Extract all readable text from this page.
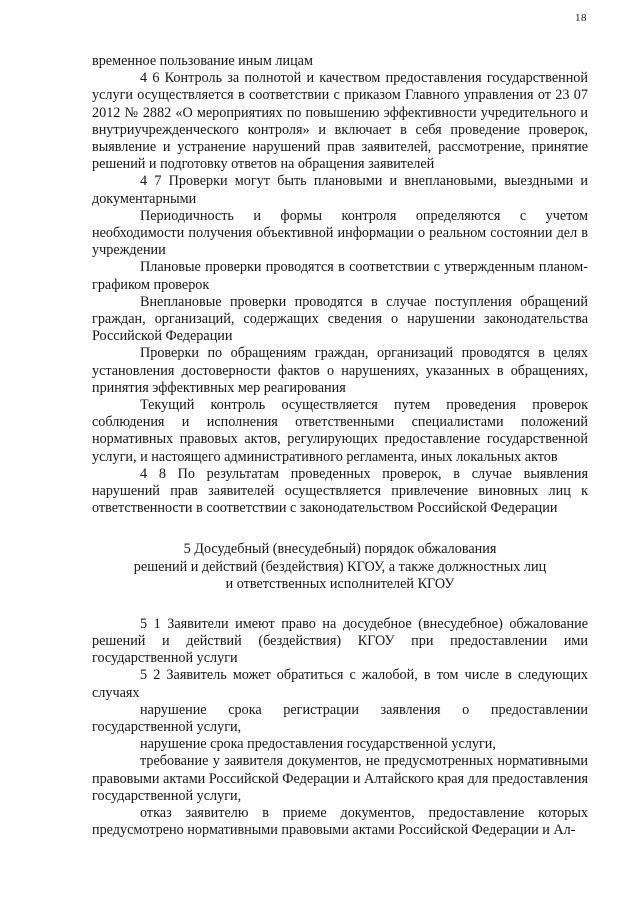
18

временное пользование иным лицам

4 6 Контроль за полнотой и качеством предоставления государственной услуги осуществляется в соответствии с приказом Главного управления от 23 07 2012 № 2882 «О мероприятиях по повышению эффективности учредительного и внутриучрежденческого контроля» и включает в себя проведение проверок, выявление и устранение нарушений прав заявителей, рассмотрение, принятие решений и подготовку ответов на обращения заявителей

4 7 Проверки могут быть плановыми и внеплановыми, выездными и документарными

Периодичность и формы контроля определяются с учетом необходимости получения объективной информации о реальном состоянии дел в учреждении

Плановые проверки проводятся в соответствии с утвержденным планом-графиком проверок

Внеплановые проверки проводятся в случае поступления обращений граждан, организаций, содержащих сведения о нарушении законодательства Российской Федерации

Проверки по обращениям граждан, организаций проводятся в целях установления достоверности фактов о нарушениях, указанных в обращениях, принятия эффективных мер реагирования

Текущий контроль осуществляется путем проведения проверок соблюдения и исполнения ответственными специалистами положений нормативных правовых актов, регулирующих предоставление государственной услуги, и настоящего административного регламента, иных локальных актов

4 8 По результатам проведенных проверок, в случае выявления нарушений прав заявителей осуществляется привлечение виновных лиц к ответственности в соответствии с законодательством Российской Федерации

5 Досудебный (внесудебный) порядок обжалования
решений и действий (бездействия) КГОУ, а также должностных лиц
и ответственных исполнителей КГОУ

5 1 Заявители имеют право на досудебное (внесудебное) обжалование решений и действий (бездействия) КГОУ при предоставлении ими государственной услуги

5 2 Заявитель может обратиться с жалобой, в том числе в следующих случаях

нарушение срока регистрации заявления о предоставлении государственной услуги,

нарушение срока предоставления государственной услуги,

требование у заявителя документов, не предусмотренных нормативными правовыми актами Российской Федерации и Алтайского края для предоставления государственной услуги,

отказ заявителю в приеме документов, предоставление которых предусмотрено нормативными правовыми актами Российской Федерации и Ал-
